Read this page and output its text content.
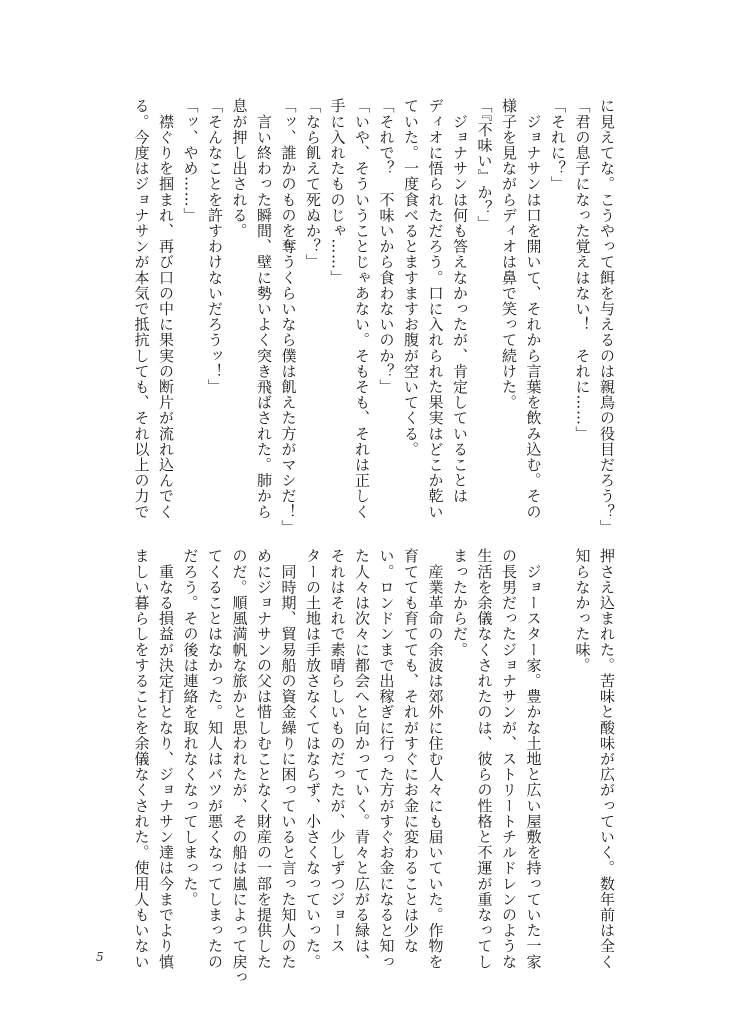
に見えてな。こうやって餌を与えるのは親鳥の役目だろう？」

「君の息子になった覚えはない！　それに……」

「それに？」

　ジョナサンは口を開いて、それから言葉を飲み込む。その

様子を見ながらディオは鼻で笑って続けた。

「『不味い』か？」

　ジョナサンは何も答えなかったが、肯定していることは

ディオに悟られただろう。口に入れられた果実はどこか乾い

ていた。一度食べるとますますお腹が空いてくる。

「それで？　不味いから食わないのか？」

「いや、そういうことじゃあない。そもそも、それは正しく

手に入れたものじゃ……」

「なら飢えて死ぬか？」

「ッ、誰かのものを奪うくらいなら僕は飢えた方がマシだ！」

　言い終わった瞬間、壁に勢いよく突き飛ばされた。肺から

息が押し出される。

「そんなことを許すわけないだろうッ！」

「ッ、やめ……」

　襟ぐりを掴まれ、再び口の中に果実の断片が流れ込んでく

る。今度はジョナサンが本気で抵抗しても、それ以上の力で

押さえ込まれた。苦味と酸味が広がっていく。数年前は全く

知らなかった味。

　ジョースター家。豊かな土地と広い屋敷を持っていた一家

の長男だったジョナサンが、ストリートチルドレンのような

生活を余儀なくされたのは、彼らの性格と不運が重なってし

まったからだ。

　産業革命の余波は郊外に住む人々にも届いていた。作物を

育てても育てても、それがすぐにお金に変わることは少な

い。ロンドンまで出稼ぎに行った方がすぐお金になると知っ

た人々は次々に都会へと向かっていく。青々と広がる緑は、

それはそれで素晴らしいものだったが、少しずつジョース

ターの土地は手放さなくてはならず、小さくなっていった。

　同時期、貿易船の資金繰りに困っていると言った知人のた

めにジョナサンの父は惜しむことなく財産の一部を提供した

のだ。順風満帆な旅かと思われたが、その船は嵐によって戻っ

てくることはなかった。知人はバツが悪くなってしまったの

だろう。その後は連絡を取れなくなってしまった。

　重なる損益が決定打となり、ジョナサン達は今までより慎

ましい暮らしをすることを余儀なくされた。使用人もいない

5
